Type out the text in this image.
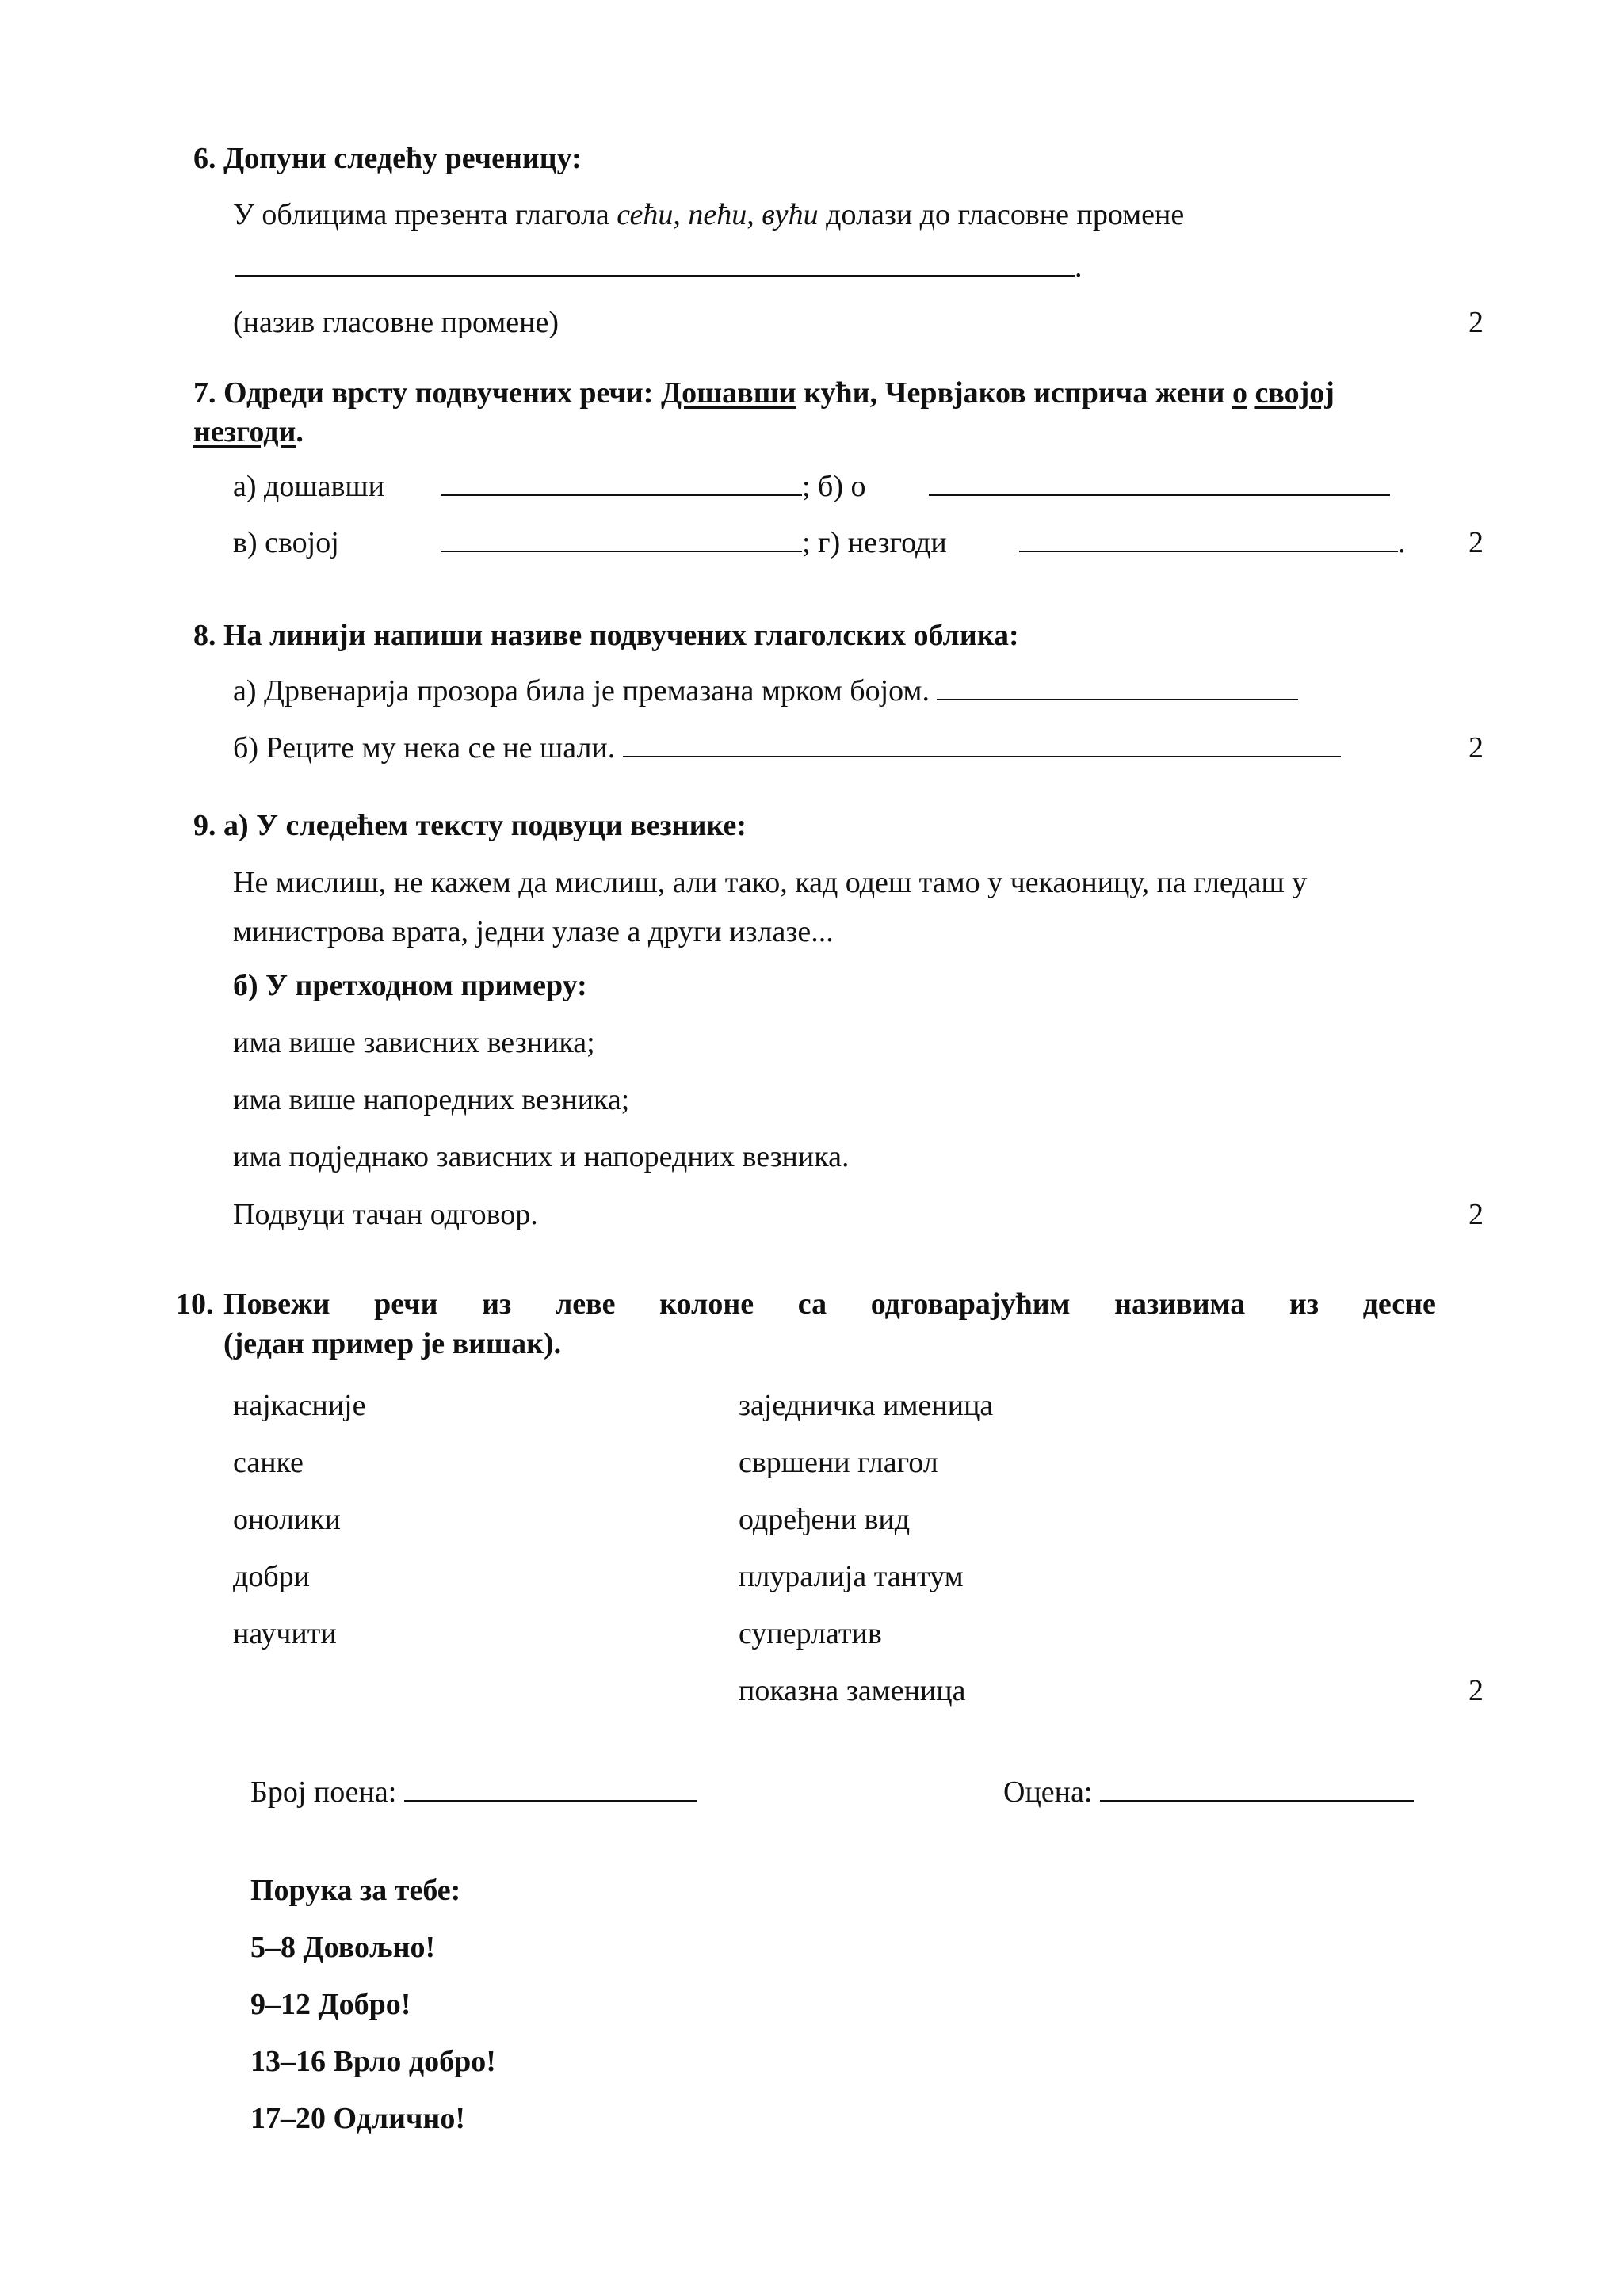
6. Допуни следећу реченицу:
У облицима презента глагола сећи, пећи, вући долази до гласовне промене
.
(назив гласовне промене)	2
7. Одреди врсту подвучених речи: Дошавши кући, Червјаков исприча жени о својој
незгоди.
а) дошавши	; б) о
в) својој	; г) незгоди	.	2
8. На линији напиши називе подвучених глаголских облика:
а) Дрвенарија прозора била је премазана мрком бојом.
б) Реците му нека се не шали.	2
9. а) У следећем тексту подвуци везнике:
Не мислиш, не кажем да мислиш, али тако, кад одеш тамо у чекаоницу, па гледаш у
министрова врата, једни улазе а други излазе...
б) У претходном примеру:
има више зависних везника;
има више напоредних везника;
има подједнако зависних и напоредних везника.
Подвуци тачан одговор.	2
10. Повежи речи из леве колоне са одговарајућим називима из десне
(један пример је вишак).
најкасније
санке
онолики
добри
научити
заједничка именица
свршени глагол
одређени вид
плуралија тантум
суперлатив
показна заменица	2
Број поена:	Оцена:
Порука за тебе:
5–8 Довољно!
9–12 Добро!
13–16 Врло добро!
17–20 Одлично!
